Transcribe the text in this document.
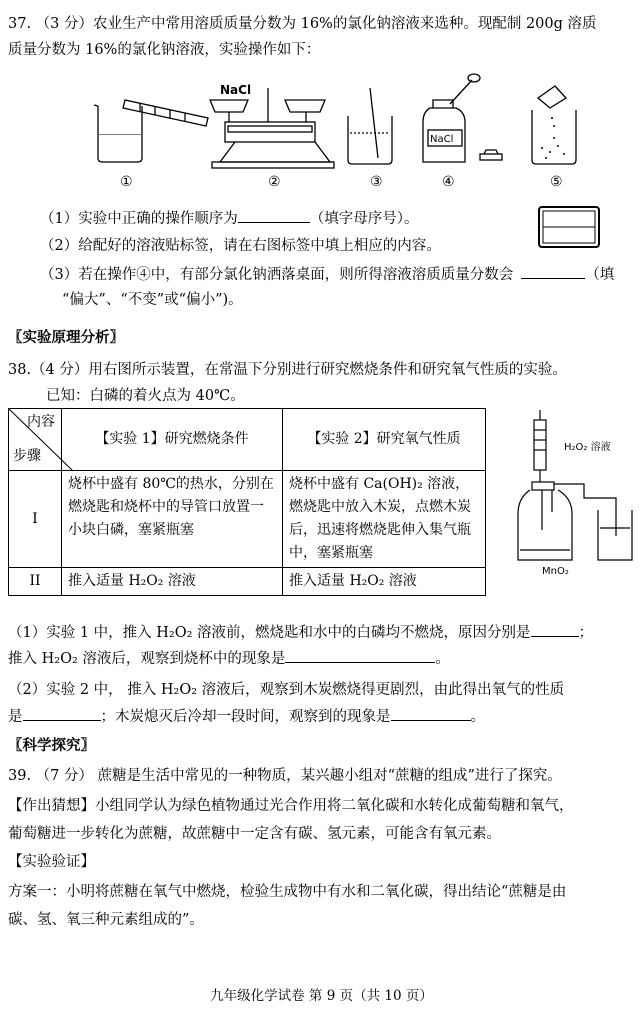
37. （3 分）农业生产中常用溶质质量分数为 16%的氯化钠溶液来选种。现配制 200g 溶质
质量分数为 16%的氯化钠溶液，实验操作如下：
NaCl
NaCl
①	②	③	④	⑤
（1）实验中正确的操作顺序为	（填字母序号）。
（2）给配好的溶液贴标签，请在右图标签中填上相应的内容。
（3）若在操作④中，有部分氯化钠洒落桌面，则所得溶液溶质质量分数会	（填
“偏大”、“不变”或“偏小”)。
〖实验原理分析〗
38.（4 分）用右图所示装置，在常温下分别进行研究燃烧条件和研究氧气性质的实验。
已知：白磷的着火点为 40℃。
内容
步骤	【实验 1】研究燃烧条件	【实验 2】研究氧气性质
I	烧杯中盛有 80℃的热水，分别在燃烧匙和烧杯中的导管口放置一小块白磷，塞紧瓶塞	烧杯中盛有 Ca(OH)₂ 溶液，燃烧匙中放入木炭，点燃木炭后，迅速将燃烧匙伸入集气瓶中，塞紧瓶塞
II	推入适量 H₂O₂ 溶液	推入适量 H₂O₂ 溶液
H₂O₂ 溶液
MnO₂
（1）实验 1 中，推入 H₂O₂ 溶液前，燃烧匙和水中的白磷均不燃烧，原因分别是	；
推入 H₂O₂ 溶液后，观察到烧杯中的现象是	。
（2）实验 2 中， 推入 H₂O₂ 溶液后，观察到木炭燃烧得更剧烈，由此得出氧气的性质
是	；木炭熄灭后冷却一段时间，观察到的现象是	。
〖科学探究〗
39. （7 分） 蔗糖是生活中常见的一种物质，某兴趣小组对“蔗糖的组成”进行了探究。
【作出猜想】小组同学认为绿色植物通过光合作用将二氧化碳和水转化成葡萄糖和氧气，
葡萄糖进一步转化为蔗糖，故蔗糖中一定含有碳、氢元素，可能含有氧元素。
【实验验证】
方案一：小明将蔗糖在氧气中燃烧，检验生成物中有水和二氧化碳，得出结论“蔗糖是由
碳、氢、氧三种元素组成的”。
九年级化学试卷 第 9 页（共 10 页）
